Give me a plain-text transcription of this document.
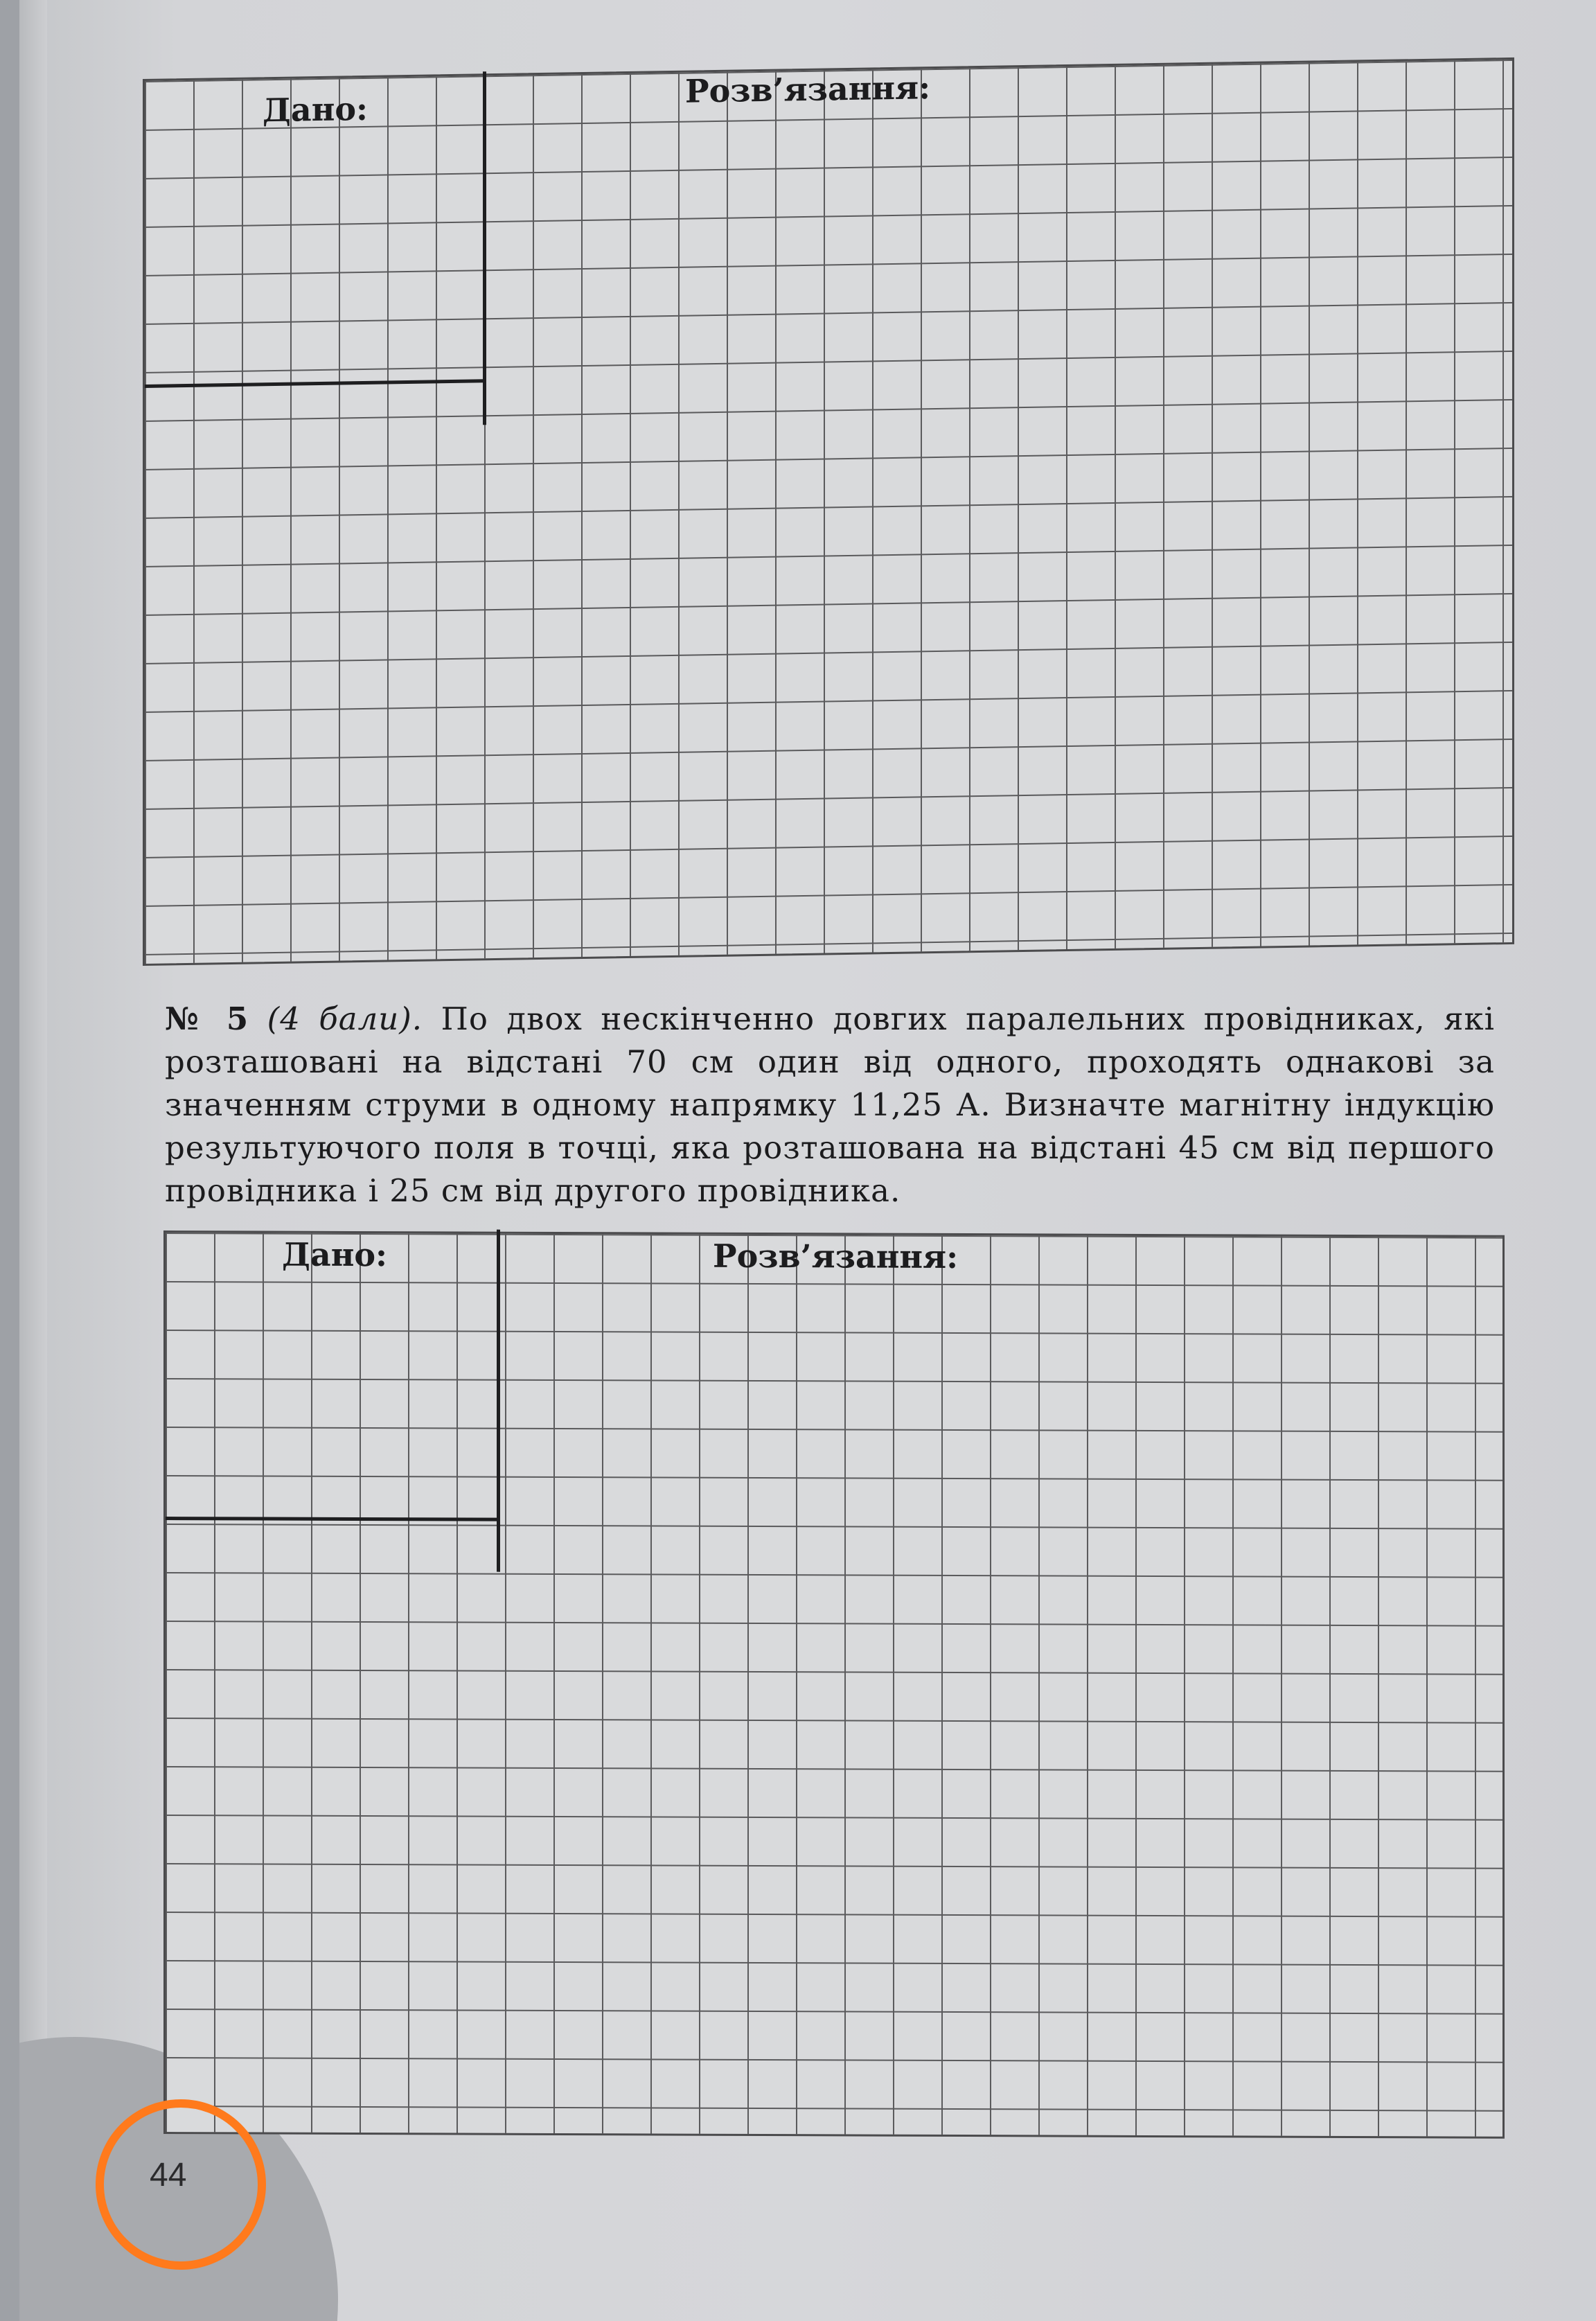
Дано:	Розв’язання:
№ 5 (4 бали). По двох нескінченно довгих паралельних провідниках, які розташовані на відстані 70 см один від одного, проходять однакові за значенням струми в одному напрямку 11,25 А. Визначте магнітну індукцію результуючого поля в точці, яка розташована на відстані 45 см від першого провідника і 25 см від другого провідника.
Дано:	Розв’язання:
44
